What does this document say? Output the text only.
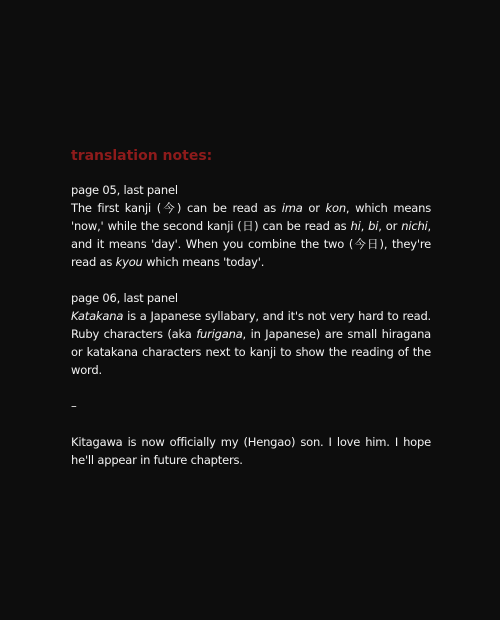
translation notes:
page 05, last panel

The first kanji (今) can be read as ima or kon, which means 'now,' while the second kanji (日) can be read as hi, bi, or nichi, and it means 'day'. When you combine the two (今日), they're read as kyou which means 'today'.

page 06, last panel

Katakana is a Japanese syllabary, and it's not very hard to read. Ruby characters (aka furigana, in Japanese) are small hiragana or katakana characters next to kanji to show the reading of the word.

–

Kitagawa is now officially my (Hengao) son. I love him. I hope he'll appear in future chapters.
